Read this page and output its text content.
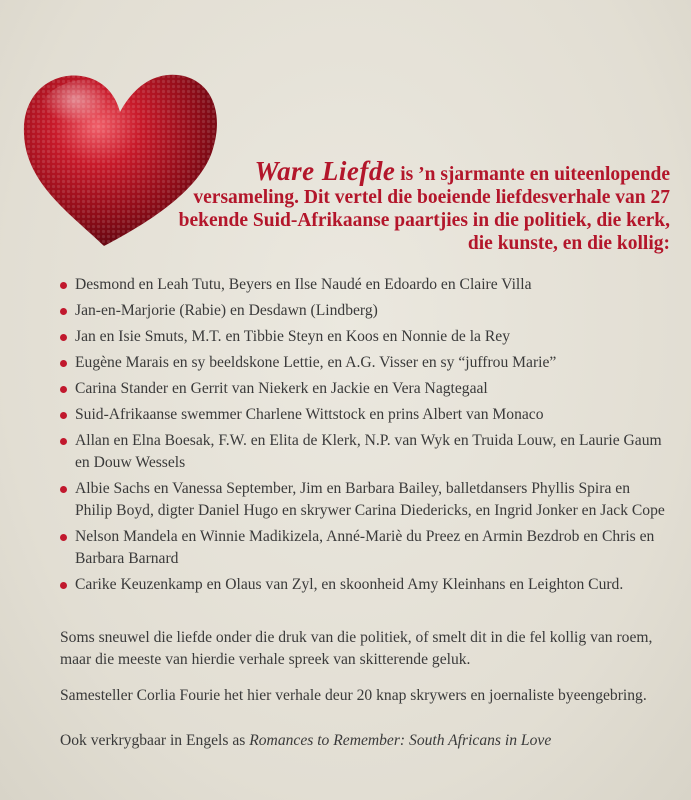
Ware Liefde is ’n sjarmante en uiteenlopende versameling. Dit vertel die boeiende liefdesverhale van 27 bekende Suid-Afrikaanse paartjies in die politiek, die kerk, die kunste, en die kollig:
Desmond en Leah Tutu, Beyers en Ilse Naudé en Edoardo en Claire Villa
Jan-en-Marjorie (Rabie) en Desdawn (Lindberg)
Jan en Isie Smuts, M.T. en Tibbie Steyn en Koos en Nonnie de la Rey
Eugène Marais en sy beeldskone Lettie, en A.G. Visser en sy “juffrou Marie”
Carina Stander en Gerrit van Niekerk en Jackie en Vera Nagtegaal
Suid-Afrikaanse swemmer Charlene Wittstock en prins Albert van Monaco
Allan en Elna Boesak, F.W. en Elita de Klerk, N.P. van Wyk en Truida Louw, en Laurie Gaum en Douw Wessels
Albie Sachs en Vanessa September, Jim en Barbara Bailey, balletdansers Phyllis Spira en Philip Boyd, digter Daniel Hugo en skrywer Carina Diedericks, en Ingrid Jonker en Jack Cope
Nelson Mandela en Winnie Madikizela, Anné-Mariè du Preez en Armin Bezdrob en Chris en Barbara Barnard
Carike Keuzenkamp en Olaus van Zyl, en skoonheid Amy Kleinhans en Leighton Curd.

Soms sneuwel die liefde onder die druk van die politiek, of smelt dit in die fel kollig van roem, maar die meeste van hierdie verhale spreek van skitterende geluk.

Samesteller Corlia Fourie het hier verhale deur 20 knap skrywers en joernaliste byeengebring.

Ook verkrygbaar in Engels as Romances to Remember: South Africans in Love
